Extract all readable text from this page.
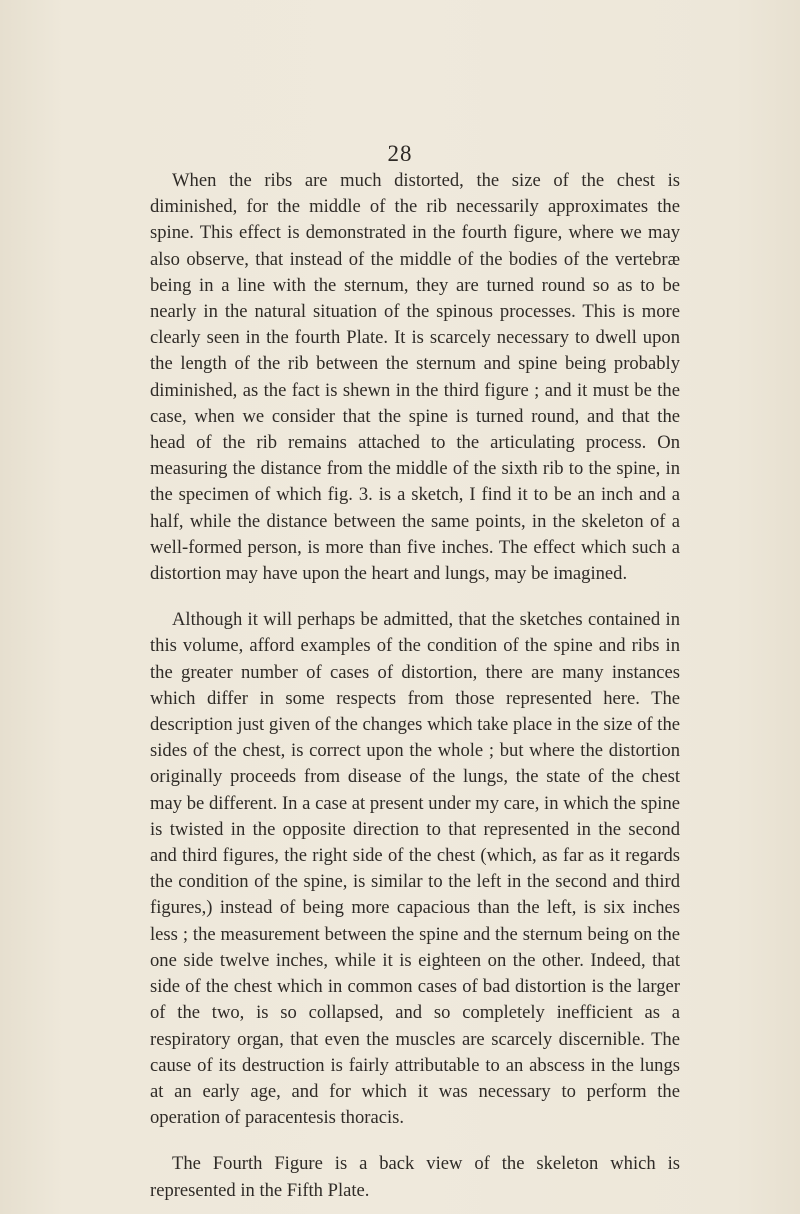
28

When the ribs are much distorted, the size of the chest is diminished, for the middle of the rib necessarily approximates the spine. This effect is demonstrated in the fourth figure, where we may also observe, that instead of the middle of the bodies of the vertebræ being in a line with the sternum, they are turned round so as to be nearly in the natural situation of the spinous processes. This is more clearly seen in the fourth Plate. It is scarcely necessary to dwell upon the length of the rib between the sternum and spine being probably diminished, as the fact is shewn in the third figure ; and it must be the case, when we consider that the spine is turned round, and that the head of the rib remains attached to the articulating process. On measuring the distance from the middle of the sixth rib to the spine, in the specimen of which fig. 3. is a sketch, I find it to be an inch and a half, while the distance between the same points, in the skeleton of a well-formed person, is more than five inches. The effect which such a distortion may have upon the heart and lungs, may be imagined.

Although it will perhaps be admitted, that the sketches contained in this volume, afford examples of the condition of the spine and ribs in the greater number of cases of distortion, there are many instances which differ in some respects from those represented here. The description just given of the changes which take place in the size of the sides of the chest, is correct upon the whole ; but where the distortion originally proceeds from disease of the lungs, the state of the chest may be different. In a case at present under my care, in which the spine is twisted in the opposite direction to that represented in the second and third figures, the right side of the chest (which, as far as it regards the condition of the spine, is similar to the left in the second and third figures,) instead of being more capacious than the left, is six inches less ; the measurement between the spine and the sternum being on the one side twelve inches, while it is eighteen on the other. Indeed, that side of the chest which in common cases of bad distortion is the larger of the two, is so collapsed, and so completely inefficient as a respiratory organ, that even the muscles are scarcely discernible. The cause of its destruction is fairly attributable to an abscess in the lungs at an early age, and for which it was necessary to perform the operation of paracentesis thoracis.

The Fourth Figure is a back view of the skeleton which is represented in the Fifth Plate.
